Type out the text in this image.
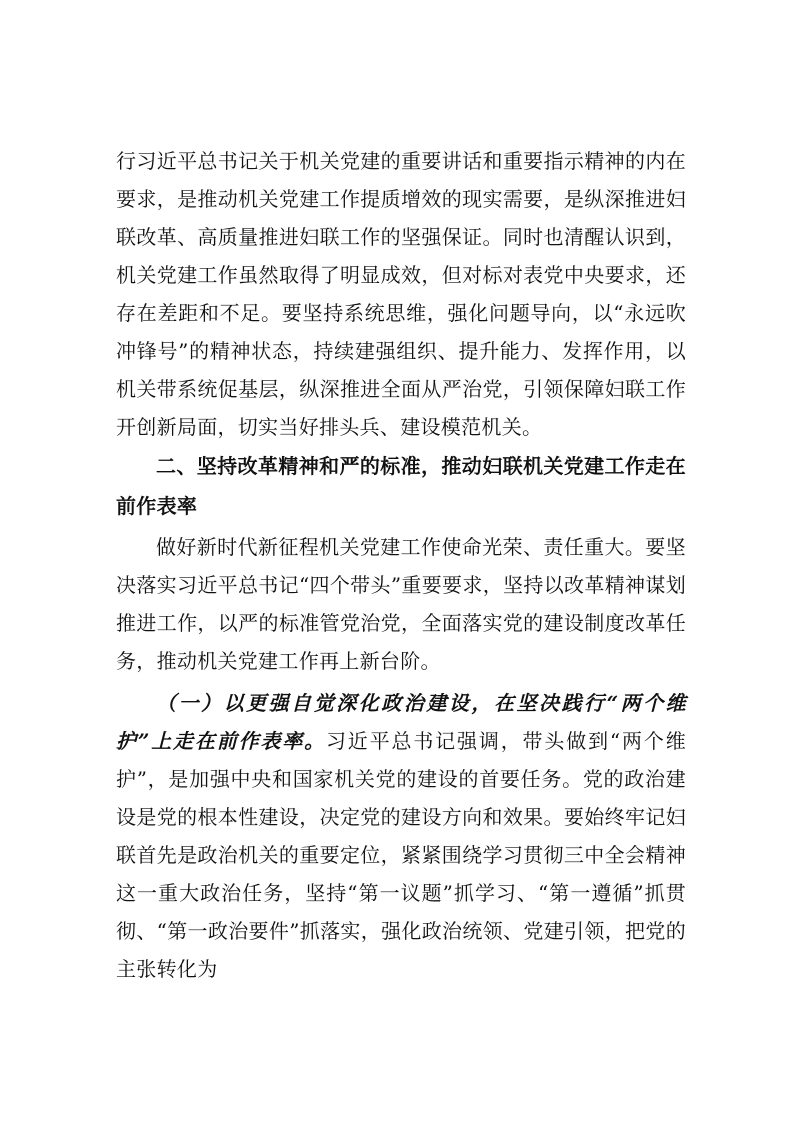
行习近平总书记关于机关党建的重要讲话和重要指示精神的内在要求，是推动机关党建工作提质增效的现实需要，是纵深推进妇联改革、高质量推进妇联工作的坚强保证。同时也清醒认识到，机关党建工作虽然取得了明显成效，但对标对表党中央要求，还存在差距和不足。要坚持系统思维，强化问题导向，以“永远吹冲锋号”的精神状态，持续建强组织、提升能力、发挥作用，以机关带系统促基层，纵深推进全面从严治党，引领保障妇联工作开创新局面，切实当好排头兵、建设模范机关。

二、坚持改革精神和严的标准，推动妇联机关党建工作走在前作表率

做好新时代新征程机关党建工作使命光荣、责任重大。要坚决落实习近平总书记“四个带头”重要要求，坚持以改革精神谋划推进工作，以严的标准管党治党，全面落实党的建设制度改革任务，推动机关党建工作再上新台阶。

（一）以更强自觉深化政治建设，在坚决践行“两个维护”上走在前作表率。习近平总书记强调，带头做到“两个维护”，是加强中央和国家机关党的建设的首要任务。党的政治建设是党的根本性建设，决定党的建设方向和效果。要始终牢记妇联首先是政治机关的重要定位，紧紧围绕学习贯彻三中全会精神这一重大政治任务，坚持“第一议题”抓学习、“第一遵循”抓贯彻、“第一政治要件”抓落实，强化政治统领、党建引领，把党的主张转化为
